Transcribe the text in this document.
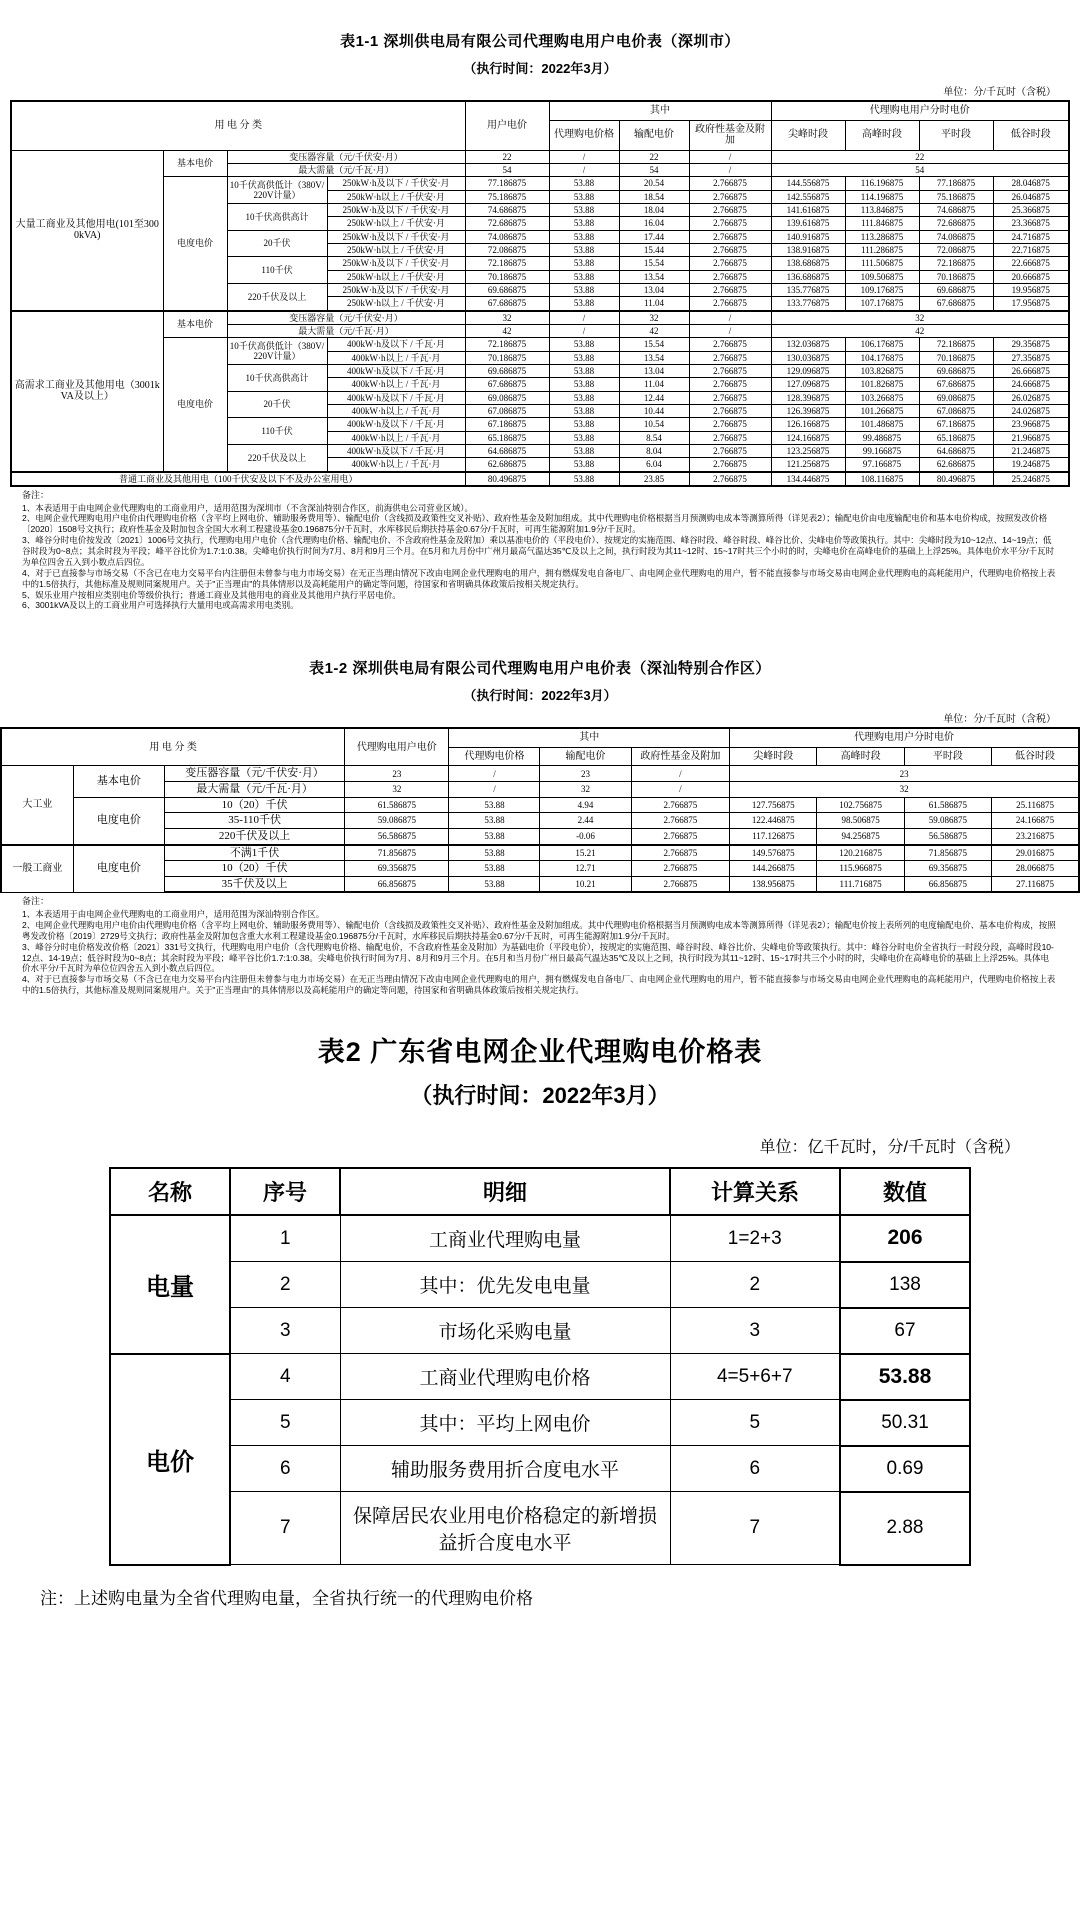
表1-1 深圳供电局有限公司代理购电用户电价表（深圳市）
（执行时间：2022年3月）
单位：分/千瓦时（含税）
用 电 分 类				用户电价	其中			代理购电用户分时电价			
					代理购电价格	输配电价	政府性基金及附加	尖峰时段	高峰时段	平时段	低谷时段
大量工商业及其他用电(101至3000kVA)	基本电价	变压器容量（元/千伏安·月）		22	/	22	/	22			
		最大需量（元/千瓦·月）		54	/	54	/	54			
	电度电价	10千伏高供低计（380V/220V计量）	250kW·h及以下 / 千伏安·月	77.186875	53.88	20.54	2.766875	144.556875	116.196875	77.186875	28.046875
			250kW·h以上 / 千伏安·月	75.186875	53.88	18.54	2.766875	142.556875	114.196875	75.186875	26.046875
		10千伏高供高计	250kW·h及以下 / 千伏安·月	74.686875	53.88	18.04	2.766875	141.616875	113.846875	74.686875	25.366875
			250kW·h以上 / 千伏安·月	72.686875	53.88	16.04	2.766875	139.616875	111.846875	72.686875	23.366875
		20千伏	250kW·h及以下 / 千伏安·月	74.086875	53.88	17.44	2.766875	140.916875	113.286875	74.086875	24.716875
			250kW·h以上 / 千伏安·月	72.086875	53.88	15.44	2.766875	138.916875	111.286875	72.086875	22.716875
		110千伏	250kW·h及以下 / 千伏安·月	72.186875	53.88	15.54	2.766875	138.686875	111.506875	72.186875	22.666875
			250kW·h以上 / 千伏安·月	70.186875	53.88	13.54	2.766875	136.686875	109.506875	70.186875	20.666875
		220千伏及以上	250kW·h及以下 / 千伏安·月	69.686875	53.88	13.04	2.766875	135.776875	109.176875	69.686875	19.956875
			250kW·h以上 / 千伏安·月	67.686875	53.88	11.04	2.766875	133.776875	107.176875	67.686875	17.956875
高需求工商业及其他用电（3001kVA及以上）	基本电价	变压器容量（元/千伏安·月）		32	/	32	/	32			
		最大需量（元/千瓦·月）		42	/	42	/	42			
	电度电价	10千伏高供低计（380V/220V计量）	400kW·h及以下 / 千瓦·月	72.186875	53.88	15.54	2.766875	132.036875	106.176875	72.186875	29.356875
			400kW·h以上 / 千瓦·月	70.186875	53.88	13.54	2.766875	130.036875	104.176875	70.186875	27.356875
		10千伏高供高计	400kW·h及以下 / 千瓦·月	69.686875	53.88	13.04	2.766875	129.096875	103.826875	69.686875	26.666875
			400kW·h以上 / 千瓦·月	67.686875	53.88	11.04	2.766875	127.096875	101.826875	67.686875	24.666875
		20千伏	400kW·h及以下 / 千瓦·月	69.086875	53.88	12.44	2.766875	128.396875	103.266875	69.086875	26.026875
			400kW·h以上 / 千瓦·月	67.086875	53.88	10.44	2.766875	126.396875	101.266875	67.086875	24.026875
		110千伏	400kW·h及以下 / 千瓦·月	67.186875	53.88	10.54	2.766875	126.166875	101.486875	67.186875	23.966875
			400kW·h以上 / 千瓦·月	65.186875	53.88	8.54	2.766875	124.166875	99.486875	65.186875	21.966875
		220千伏及以上	400kW·h及以下 / 千瓦·月	64.686875	53.88	8.04	2.766875	123.256875	99.166875	64.686875	21.246875
			400kW·h以上 / 千瓦·月	62.686875	53.88	6.04	2.766875	121.256875	97.166875	62.686875	19.246875
普通工商业及其他用电（100千伏安及以下不及办公室用电）				80.496875	53.88	23.85	2.766875	134.446875	108.116875	80.496875	25.246875

备注：

1、本表适用于由电网企业代理购电的工商业用户，适用范围为深圳市（不含深汕特别合作区，前海供电公司营业区域）。

2、电网企业代理购电用户电价由代理购电价格（含平均上网电价、辅助服务费用等）、输配电价（含线损及政策性交叉补贴）、政府性基金及附加组成。其中代理购电价格根据当月预测购电成本等测算所得（详见表2）；输配电价由电度输配电价和基本电价构成，按照发改价格〔2020〕1508号文执行；政府性基金及附加包含全国大水利工程建设基金0.196875分/千瓦时，水库移民后期扶持基金0.67分/千瓦时，可再生能源附加1.9分/千瓦时。

3、峰谷分时电价按发改〔2021〕1006号文执行，代理购电用户电价（含代理购电价格、输配电价、不含政府性基金及附加）乘以基准电价的（平段电价）、按规定的实施范围、峰谷时段、峰谷时段、峰谷比价、尖峰电价等政策执行。其中：尖峰时段为10~12点、14~19点；低谷时段为0~8点；其余时段为平段；峰平谷比价为1.7:1:0.38。尖峰电价执行时间为7月、8月和9月三个月。在5月和九月份中广州月最高气温达35℃及以上之间，执行时段为其11~12时、15~17时共三个小时的时，尖峰电价在高峰电价的基础上上浮25%。具体电价水平分/千瓦时为单位四舍五入到小数点后四位。

4、对于已直接参与市场交易（不含已在电力交易平台内注册但未曾参与电力市场交易）在无正当理由情况下改由电网企业代理购电的用户，拥有燃煤发电自备电厂、由电网企业代理购电的用户，暂不能直接参与市场交易由电网企业代理购电的高耗能用户，代理购电价格按上表中的1.5倍执行，其他标准及规则同案规用户。关于"正当理由"的具体情形以及高耗能用户的确定等问题，待国家和省明确具体政策后按相关规定执行。

5、娱乐业用户按相应类别电价等级价执行；普通工商业及其他用电的商业及其他用户执行平居电价。

6、3001kVA及以上的工商业用户可选择执行大量用电或高需求用电类别。

表1-2 深圳供电局有限公司代理购电用户电价表（深汕特别合作区）
（执行时间：2022年3月）
单位：分/千瓦时（含税）
用 电 分 类			代理购电用户电价	其中			代理购电用户分时电价			
				代理购电价格	输配电价	政府性基金及附加	尖峰时段	高峰时段	平时段	低谷时段
大工业	基本电价	变压器容量（元/千伏安·月）	23	/	23	/	23			
		最大需量（元/千瓦·月）	32	/	32	/	32			
	电度电价	10（20）千伏	61.586875	53.88	4.94	2.766875	127.756875	102.756875	61.586875	25.116875
		35-110千伏	59.086875	53.88	2.44	2.766875	122.446875	98.506875	59.086875	24.166875
		220千伏及以上	56.586875	53.88	-0.06	2.766875	117.126875	94.256875	56.586875	23.216875
一般工商业	电度电价	不满1千伏	71.856875	53.88	15.21	2.766875	149.576875	120.216875	71.856875	29.016875
		10（20）千伏	69.356875	53.88	12.71	2.766875	144.266875	115.966875	69.356875	28.066875
		35千伏及以上	66.856875	53.88	10.21	2.766875	138.956875	111.716875	66.856875	27.116875

备注：

1、本表适用于由电网企业代理购电的工商业用户，适用范围为深汕特别合作区。

2、电网企业代理购电用户电价由代理购电价格（含平均上网电价、辅助服务费用等）、输配电价（含线损及政策性交叉补贴）、政府性基金及附加组成。其中代理购电价格根据当月预测购电成本等测算所得（详见表2）；输配电价按上表所列的电度输配电价、基本电价构成，按照粤发改价格〔2019〕2729号文执行；政府性基金及附加包含重大水利工程建设基金0.196875分/千瓦时，水库移民后期扶持基金0.67分/千瓦时，可再生能源附加1.9分/千瓦时。

3、峰谷分时电价格发改价格〔2021〕331号文执行，代理购电用户电价（含代理购电价格、输配电价，不含政府性基金及附加）为基础电价（平段电价），按规定的实施范围、峰谷时段、峰谷比价、尖峰电价等政策执行。其中：峰谷分时电价全省执行一时段分段，高峰时段10-12点、14-19点；低谷时段为0~8点；其余时段为平段；峰平谷比价1.7:1:0.38。尖峰电价执行时间为7月、8月和9月三个月。在5月和当月份广州日最高气温达35℃及以上之间，执行时段为其11~12时、15~17时共三个小时的时，尖峰电价在高峰电价的基础上上浮25%。具体电价水平分/千瓦时为单位位四舍五入到小数点后四位。

4、对于已直接参与市场交易（不含已在电力交易平台内注册但未曾参与电力市场交易）在无正当理由情况下改由电网企业代理购电的用户，拥有燃煤发电自备电厂、由电网企业代理购电的用户，暂不能直接参与市场交易由电网企业代理购电的高耗能用户，代理购电价格按上表中的1.5倍执行，其他标准及规则同案规用户。关于"正当理由"的具体情形以及高耗能用户的确定等问题，待国家和省明确具体政策后按相关规定执行。

表2 广东省电网企业代理购电价格表
（执行时间：2022年3月）
单位：亿千瓦时，分/千瓦时（含税）
名称	序号	明细	计算关系	数值
电量	1	工商业代理购电量	1=2+3	206
	2	其中：优先发电电量	2	138
	3	市场化采购电量	3	67
电价	4	工商业代理购电价格	4=5+6+7	53.88
	5	其中：平均上网电价	5	50.31
	6	辅助服务费用折合度电水平	6	0.69
	7	保障居民农业用电价格稳定的新增损益折合度电水平	7	2.88
注：上述购电量为全省代理购电量，全省执行统一的代理购电价格
